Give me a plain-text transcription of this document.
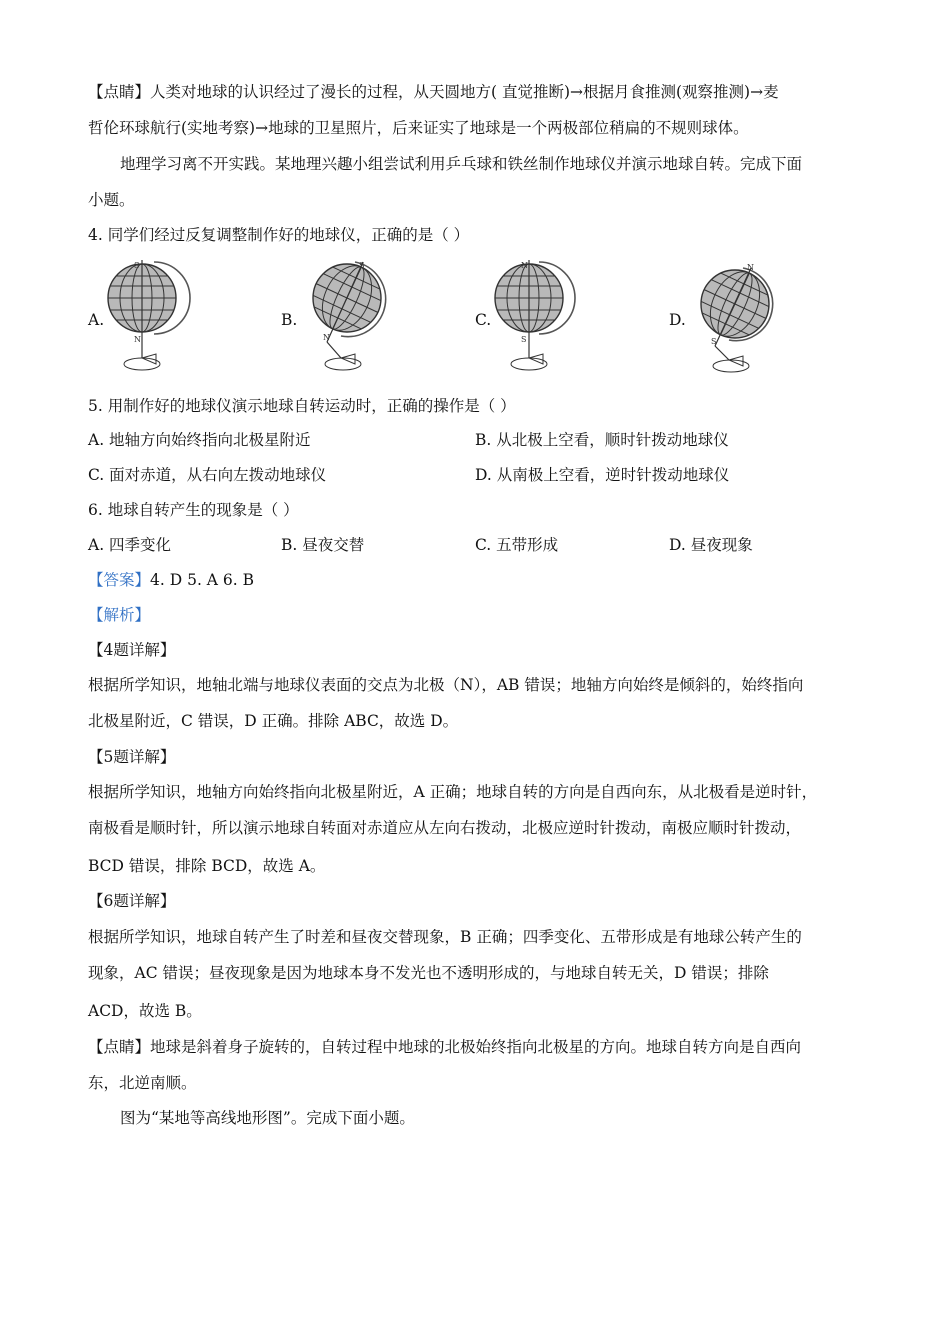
【点睛】人类对地球的认识经过了漫长的过程，从天圆地方( 直觉推断)→根据月食推测(观察推测)→麦
哲伦环球航行(实地考察)→地球的卫星照片，后来证实了地球是一个两极部位稍扁的不规则球体。
地理学习离不开实践。某地理兴趣小组尝试利用乒乓球和铁丝制作地球仪并演示地球自转。完成下面
小题。
4. 同学们经过反复调整制作好的地球仪，正确的是（ ）
A.
S
N
B.
S
N
C.
N
S
D.
N
S
5. 用制作好的地球仪演示地球自转运动时，正确的操作是（ ）
A. 地轴方向始终指向北极星附近	B. 从北极上空看，顺时针拨动地球仪
C. 面对赤道，从右向左拨动地球仪	D. 从南极上空看，逆时针拨动地球仪
6. 地球自转产生的现象是（ ）
A. 四季变化	B. 昼夜交替	C. 五带形成	D. 昼夜现象
【答案】4. D 5. A 6. B
【解析】
【4题详解】
根据所学知识，地轴北端与地球仪表面的交点为北极（N），AB 错误；地轴方向始终是倾斜的，始终指向
北极星附近，C 错误，D 正确。排除 ABC，故选 D。
【5题详解】
根据所学知识，地轴方向始终指向北极星附近，A 正确；地球自转的方向是自西向东，从北极看是逆时针，
南极看是顺时针，所以演示地球自转面对赤道应从左向右拨动，北极应逆时针拨动，南极应顺时针拨动，
BCD 错误，排除 BCD，故选 A。
【6题详解】
根据所学知识，地球自转产生了时差和昼夜交替现象，B 正确；四季变化、五带形成是有地球公转产生的
现象，AC 错误；昼夜现象是因为地球本身不发光也不透明形成的，与地球自转无关，D 错误；排除
ACD，故选 B。
【点睛】地球是斜着身子旋转的，自转过程中地球的北极始终指向北极星的方向。地球自转方向是自西向
东，北逆南顺。
图为“某地等高线地形图”。完成下面小题。
